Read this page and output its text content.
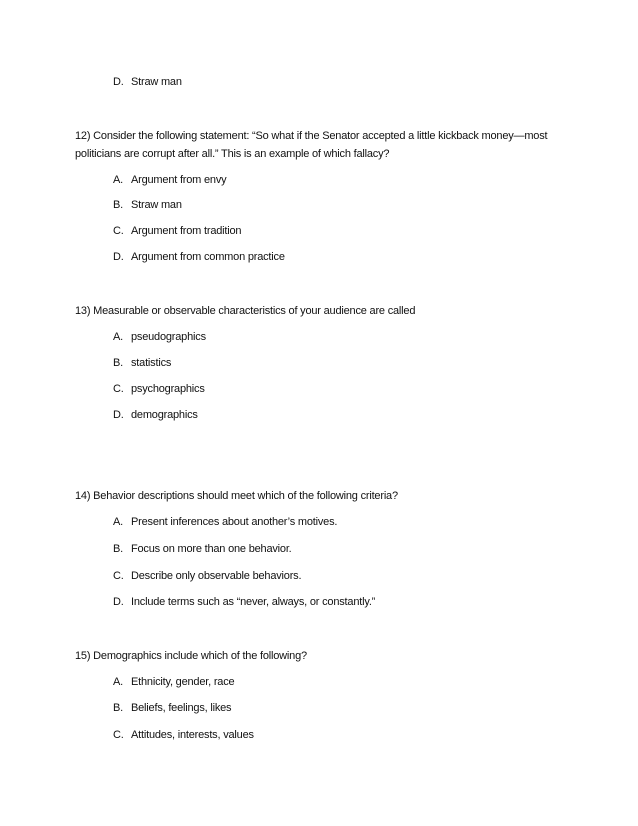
D. Straw man
12) Consider the following statement: “So what if the Senator accepted a little kickback money—most
politicians are corrupt after all.” This is an example of which fallacy?
A. Argument from envy
B. Straw man
C. Argument from tradition
D. Argument from common practice
13) Measurable or observable characteristics of your audience are called
A. pseudographics
B. statistics
C. psychographics
D. demographics
14) Behavior descriptions should meet which of the following criteria?
A. Present inferences about another’s motives.
B. Focus on more than one behavior.
C. Describe only observable behaviors.
D. Include terms such as “never, always, or constantly.”
15) Demographics include which of the following?
A. Ethnicity, gender, race
B. Beliefs, feelings, likes
C. Attitudes, interests, values
